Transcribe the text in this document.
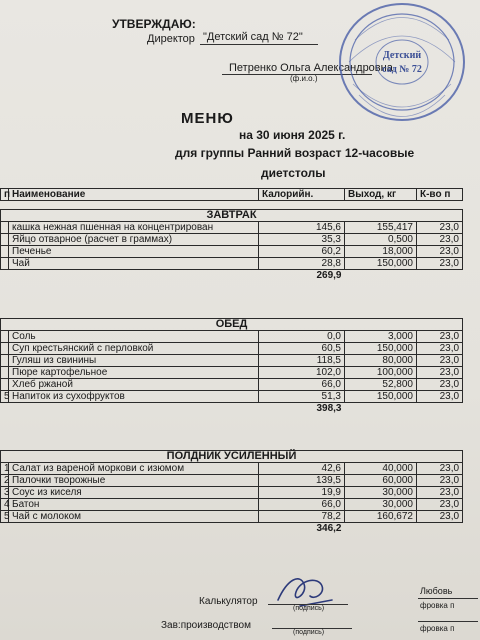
УТВЕРЖДАЮ:
Директор "Детский сад № 72"
Петренко Ольга Александровна
(ф.и.о.)
Детский
сад № 72
МЕНЮ
на 30 июня 2025 г.
для группы Ранний возраст 12-часовые
диетстолы
п	Наименование	Калорийн.	Выход, кг	К-во п
ЗАВТРАК				
	кашка нежная пшенная на концентрирован	145,6	155,417	23,0
	Яйцо отварное (расчет в граммах)	35,3	0,500	23,0
	Печенье	60,2	18,000	23,0
	Чай	28,8	150,000	23,0
		269,9		
ОБЕД				
	Соль	0,0	3,000	23,0
	Суп крестьянский с перловкой	60,5	150,000	23,0
	Гуляш из свинины	118,5	80,000	23,0
	Пюре картофельное	102,0	100,000	23,0
	Хлеб ржаной	66,0	52,800	23,0
5	Напиток из сухофруктов	51,3	150,000	23,0
		398,3		
ПОЛДНИК УСИЛЕННЫЙ				
1	Салат из вареной моркови с изюмом	42,6	40,000	23,0
2	Палочки творожные	139,5	60,000	23,0
3	Соус из киселя	19,9	30,000	23,0
4	Батон	66,0	30,000	23,0
5	Чай с молоком	78,2	160,672	23,0
		346,2		
Калькулятор
(подпись)
Любовь
фровка п
Зав:производством
(подпись)	фровка п
